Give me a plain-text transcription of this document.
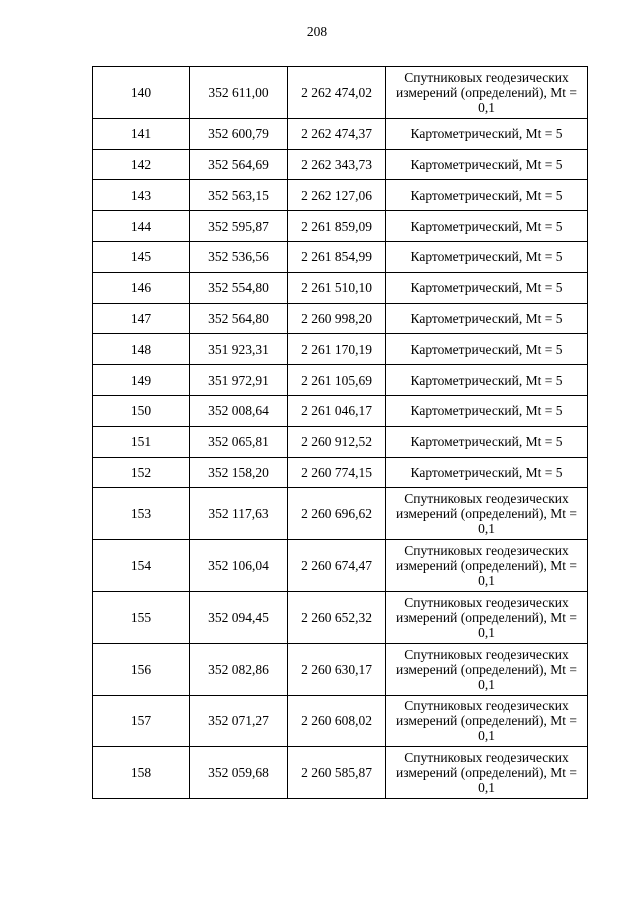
208
140	352 611,00	2 262 474,02	Спутниковых геодезических измерений (определений), Mt = 0,1
141	352 600,79	2 262 474,37	Картометрический, Mt = 5
142	352 564,69	2 262 343,73	Картометрический, Mt = 5
143	352 563,15	2 262 127,06	Картометрический, Mt = 5
144	352 595,87	2 261 859,09	Картометрический, Mt = 5
145	352 536,56	2 261 854,99	Картометрический, Mt = 5
146	352 554,80	2 261 510,10	Картометрический, Mt = 5
147	352 564,80	2 260 998,20	Картометрический, Mt = 5
148	351 923,31	2 261 170,19	Картометрический, Mt = 5
149	351 972,91	2 261 105,69	Картометрический, Mt = 5
150	352 008,64	2 261 046,17	Картометрический, Mt = 5
151	352 065,81	2 260 912,52	Картометрический, Mt = 5
152	352 158,20	2 260 774,15	Картометрический, Mt = 5
153	352 117,63	2 260 696,62	Спутниковых геодезических измерений (определений), Mt = 0,1
154	352 106,04	2 260 674,47	Спутниковых геодезических измерений (определений), Mt = 0,1
155	352 094,45	2 260 652,32	Спутниковых геодезических измерений (определений), Mt = 0,1
156	352 082,86	2 260 630,17	Спутниковых геодезических измерений (определений), Mt = 0,1
157	352 071,27	2 260 608,02	Спутниковых геодезических измерений (определений), Mt = 0,1
158	352 059,68	2 260 585,87	Спутниковых геодезических измерений (определений), Mt = 0,1
